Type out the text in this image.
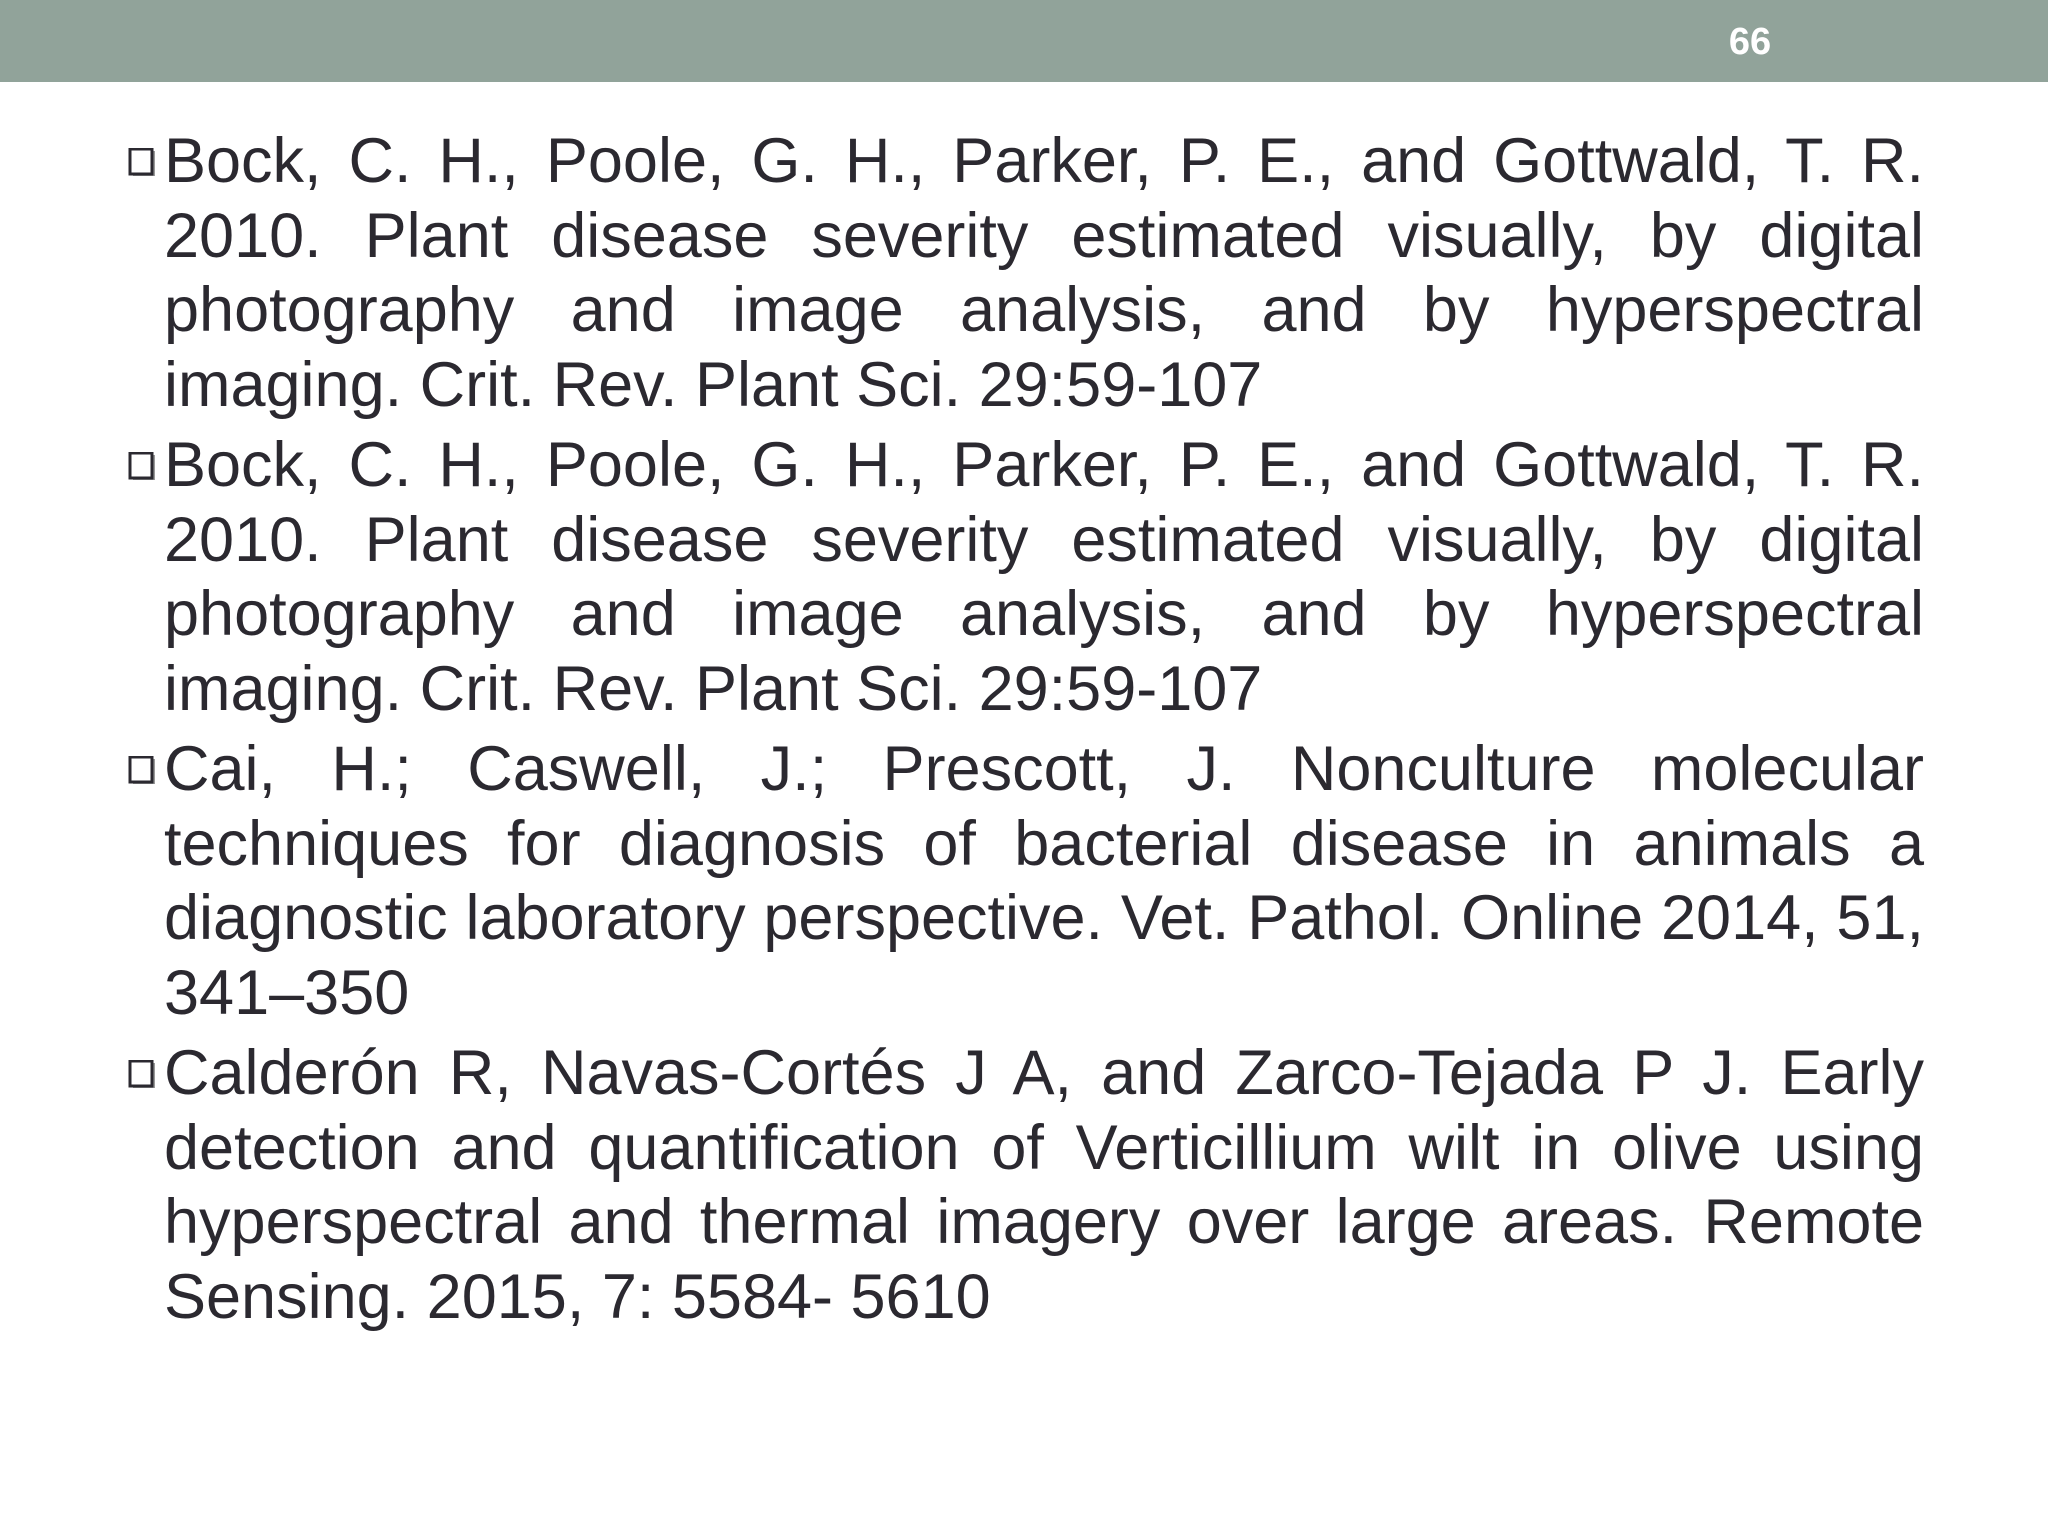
66
Bock, C. H., Poole, G. H., Parker, P. E., and Gottwald, T. R. 2010. Plant disease severity estimated visually, by digital photography and image analysis, and by hyperspectral imaging. Crit. Rev. Plant Sci. 29:59-107
Bock, C. H., Poole, G. H., Parker, P. E., and Gottwald, T. R. 2010. Plant disease severity estimated visually, by digital photography and image analysis, and by hyperspectral imaging. Crit. Rev. Plant Sci. 29:59-107
Cai, H.; Caswell, J.; Prescott, J. Nonculture molecular techniques for diagnosis of bacterial disease in animals a diagnostic laboratory perspective. Vet. Pathol. Online 2014, 51, 341–350
Calderón R, Navas-Cortés J A, and Zarco-Tejada P J. Early detection and quantification of Verticillium wilt in olive using hyperspectral and thermal imagery over large areas. Remote Sensing. 2015, 7: 5584- 5610
